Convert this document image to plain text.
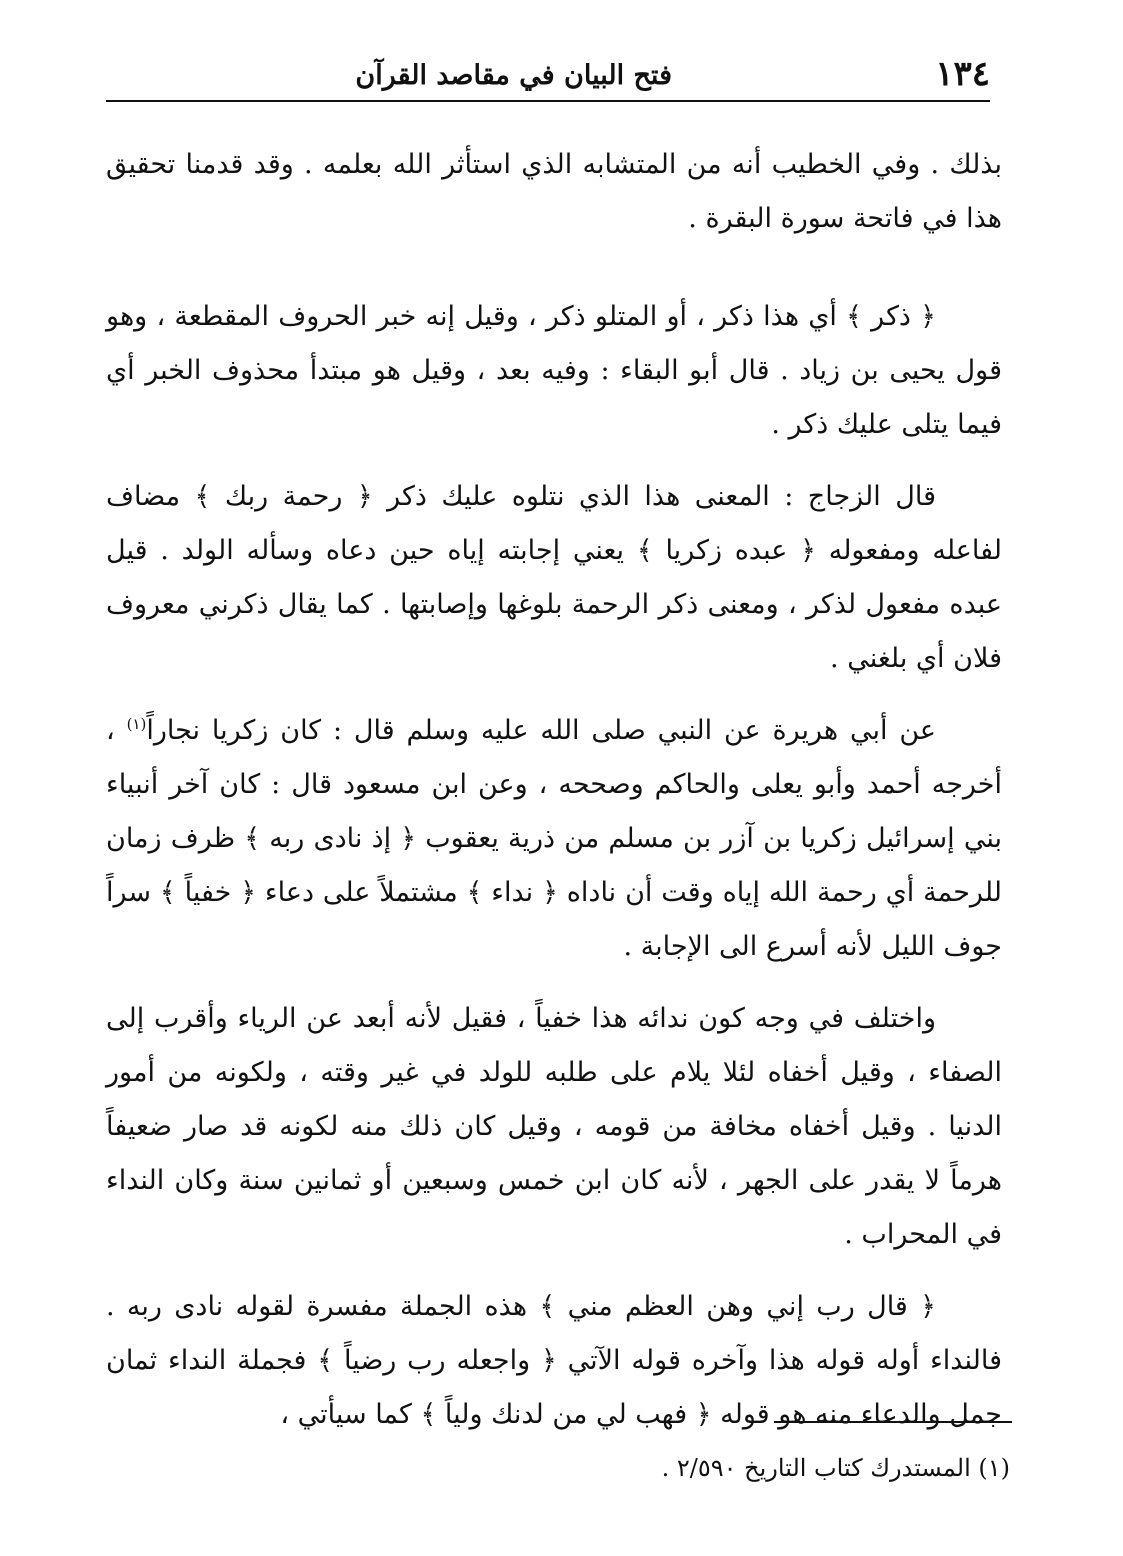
١٣٤
فتح البيان في مقاصد القرآن

بذلك . وفي الخطيب أنه من المتشابه الذي استأثر الله بعلمه . وقد قدمنا تحقيق هذا في فاتحة سورة البقرة .

﴿ ذكر ﴾ أي هذا ذكر ، أو المتلو ذكر ، وقيل إنه خبر الحروف المقطعة ، وهو قول يحيى بن زياد . قال أبو البقاء : وفيه بعد ، وقيل هو مبتدأ محذوف الخبر أي فيما يتلى عليك ذكر .

قال الزجاج : المعنى هذا الذي نتلوه عليك ذكر ﴿ رحمة ربك ﴾ مضاف لفاعله ومفعوله ﴿ عبده زكريا ﴾ يعني إجابته إياه حين دعاه وسأله الولد . قيل عبده مفعول لذكر ، ومعنى ذكر الرحمة بلوغها وإصابتها . كما يقال ذكرني معروف فلان أي بلغني .

عن أبي هريرة عن النبي صلى الله عليه وسلم قال : كان زكريا نجاراً$^{(١)}$ ، أخرجه أحمد وأبو يعلى والحاكم وصححه ، وعن ابن مسعود قال : كان آخر أنبياء بني إسرائيل زكريا بن آزر بن مسلم من ذرية يعقوب ﴿ إذ نادى ربه ﴾ ظرف زمان للرحمة أي رحمة الله إياه وقت أن ناداه ﴿ نداء ﴾ مشتملاً على دعاء ﴿ خفياً ﴾ سراً جوف الليل لأنه أسرع الى الإجابة .

واختلف في وجه كون ندائه هذا خفياً ، فقيل لأنه أبعد عن الرياء وأقرب إلى الصفاء ، وقيل أخفاه لئلا يلام على طلبه للولد في غير وقته ، ولكونه من أمور الدنيا . وقيل أخفاه مخافة من قومه ، وقيل كان ذلك منه لكونه قد صار ضعيفاً هرماً لا يقدر على الجهر ، لأنه كان ابن خمس وسبعين أو ثمانين سنة وكان النداء في المحراب .

﴿ قال رب إني وهن العظم مني ﴾ هذه الجملة مفسرة لقوله نادى ربه . فالنداء أوله قوله هذا وآخره قوله الآتي ﴿ واجعله رب رضياً ﴾ فجملة النداء ثمان جمل والدعاء منه هو قوله ﴿ فهب لي من لدنك ولياً ﴾ كما سيأتي ،

(١) المستدرك كتاب التاريخ ٢/٥٩٠ .
